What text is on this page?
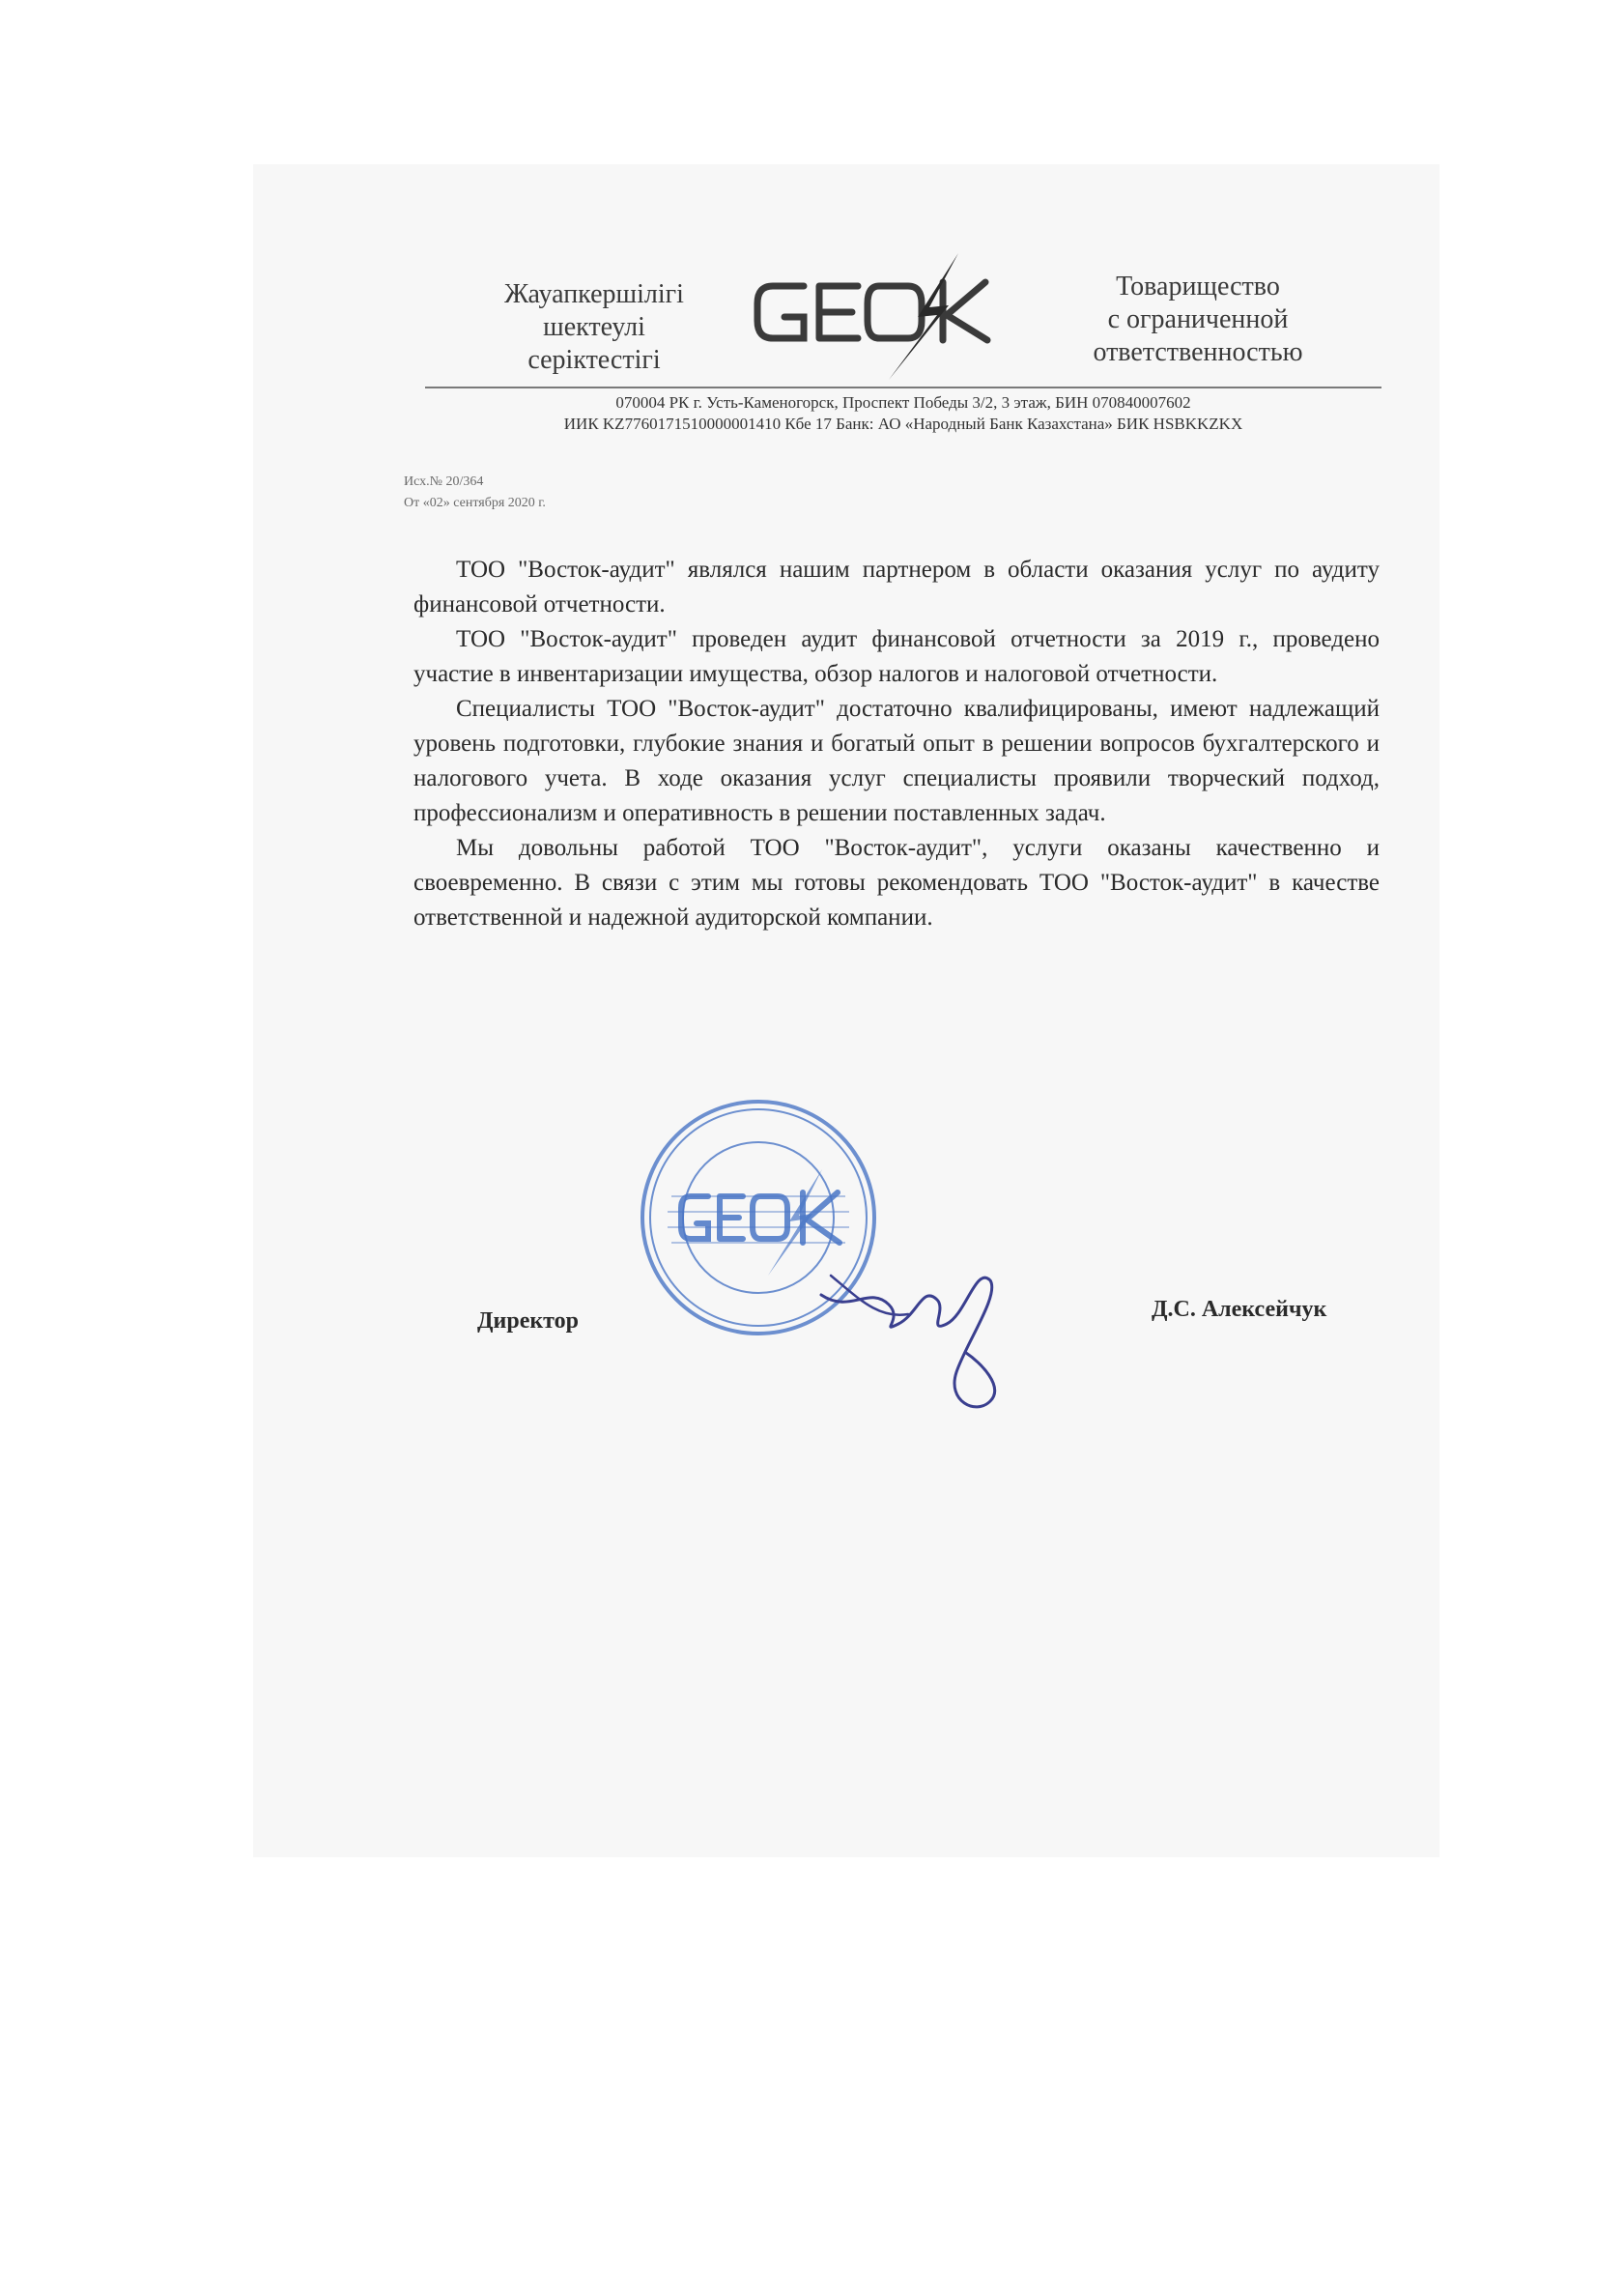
Жауапкершілігі
шектеулі
серіктестігі
Товарищество
с ограниченной
ответственностью
070004 РК г. Усть-Каменогорск, Проспект Победы 3/2, 3 этаж, БИН 070840007602
ИИК KZ7760171510000001410 Кбе 17 Банк: АО «Народный Банк Казахстана» БИК HSBKKZKX
Исх.№ 20/364
От «02» сентября 2020 г.

ТОО "Восток-аудит" являлся нашим партнером в области оказания услуг по аудиту финансовой отчетности.

ТОО "Восток-аудит" проведен аудит финансовой отчетности за 2019 г., проведено участие в инвентаризации имущества, обзор налогов и налоговой отчетности.

Специалисты ТОО "Восток-аудит" достаточно квалифицированы, имеют надлежащий уровень подготовки, глубокие знания и богатый опыт в решении вопросов бухгалтерского и налогового учета. В ходе оказания услуг специалисты проявили творческий подход, профессионализм и оперативность в решении поставленных задач.

Мы довольны работой ТОО "Восток-аудит", услуги оказаны качественно и своевременно. В связи с этим мы готовы рекомендовать ТОО "Восток-аудит" в качестве ответственной и надежной аудиторской компании.

Директор	Д.С. Алексейчук
